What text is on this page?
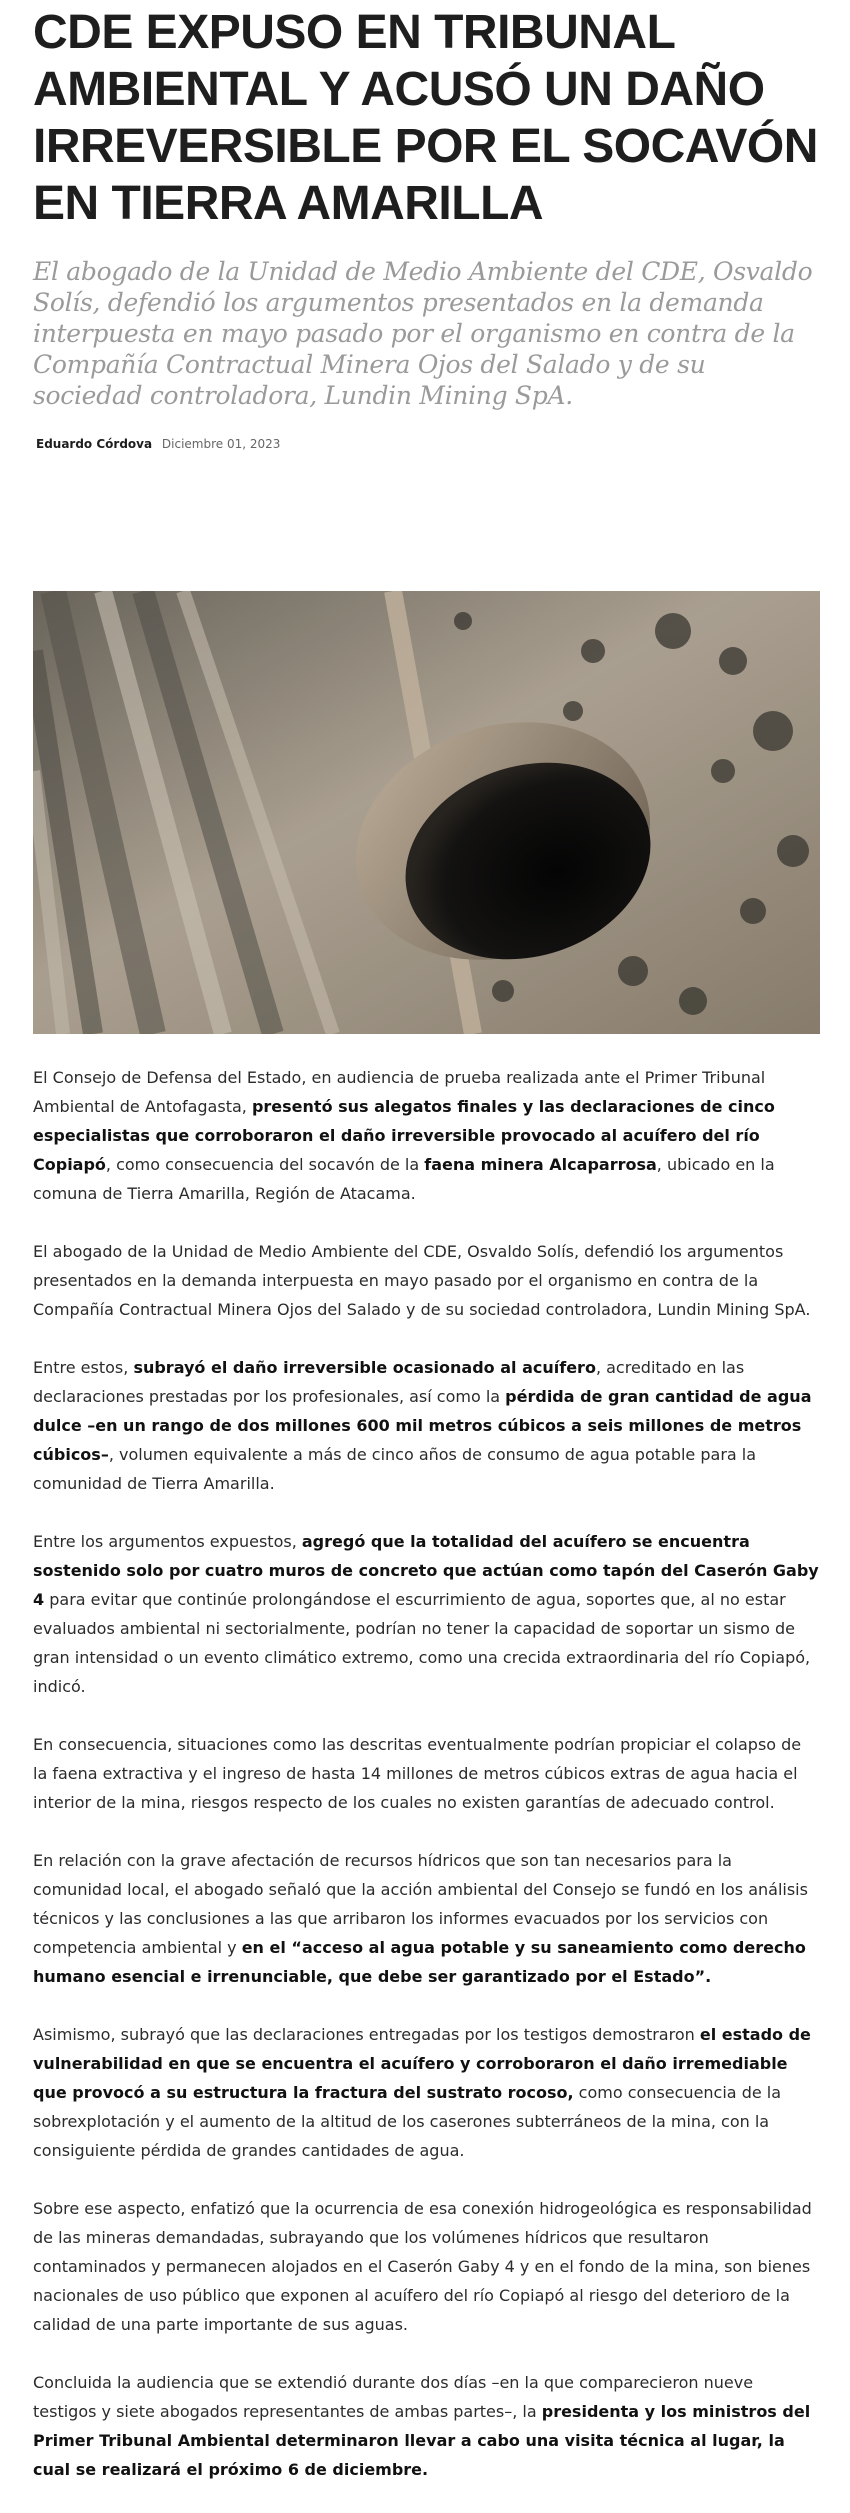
CDE EXPUSO EN TRIBUNAL AMBIENTAL Y ACUSÓ UN DAÑO IRREVERSIBLE POR EL SOCAVÓN EN TIERRA AMARILLA

El abogado de la Unidad de Medio Ambiente del CDE, Osvaldo Solís, defendió los argumentos presentados en la demanda interpuesta en mayo pasado por el organismo en contra de la Compañía Contractual Minera Ojos del Salado y de su sociedad controladora, Lundin Mining SpA.

Eduardo Córdova Diciembre 01, 2023

El Consejo de Defensa del Estado, en audiencia de prueba realizada ante el Primer Tribunal Ambiental de Antofagasta, presentó sus alegatos finales y las declaraciones de cinco especialistas que corroboraron el daño irreversible provocado al acuífero del río Copiapó, como consecuencia del socavón de la faena minera Alcaparrosa, ubicado en la comuna de Tierra Amarilla, Región de Atacama.

El abogado de la Unidad de Medio Ambiente del CDE, Osvaldo Solís, defendió los argumentos presentados en la demanda interpuesta en mayo pasado por el organismo en contra de la Compañía Contractual Minera Ojos del Salado y de su sociedad controladora, Lundin Mining SpA.

Entre estos, subrayó el daño irreversible ocasionado al acuífero, acreditado en las declaraciones prestadas por los profesionales, así como la pérdida de gran cantidad de agua dulce –en un rango de dos millones 600 mil metros cúbicos a seis millones de metros cúbicos–, volumen equivalente a más de cinco años de consumo de agua potable para la comunidad de Tierra Amarilla.

Entre los argumentos expuestos, agregó que la totalidad del acuífero se encuentra sostenido solo por cuatro muros de concreto que actúan como tapón del Caserón Gaby 4 para evitar que continúe prolongándose el escurrimiento de agua, soportes que, al no estar evaluados ambiental ni sectorialmente, podrían no tener la capacidad de soportar un sismo de gran intensidad o un evento climático extremo, como una crecida extraordinaria del río Copiapó, indicó.

En consecuencia, situaciones como las descritas eventualmente podrían propiciar el colapso de la faena extractiva y el ingreso de hasta 14 millones de metros cúbicos extras de agua hacia el interior de la mina, riesgos respecto de los cuales no existen garantías de adecuado control.

En relación con la grave afectación de recursos hídricos que son tan necesarios para la comunidad local, el abogado señaló que la acción ambiental del Consejo se fundó en los análisis técnicos y las conclusiones a las que arribaron los informes evacuados por los servicios con competencia ambiental y en el “acceso al agua potable y su saneamiento como derecho humano esencial e irrenunciable, que debe ser garantizado por el Estado”.

Asimismo, subrayó que las declaraciones entregadas por los testigos demostraron el estado de vulnerabilidad en que se encuentra el acuífero y corroboraron el daño irremediable que provocó a su estructura la fractura del sustrato rocoso, como consecuencia de la sobrexplotación y el aumento de la altitud de los caserones subterráneos de la mina, con la consiguiente pérdida de grandes cantidades de agua.

Sobre ese aspecto, enfatizó que la ocurrencia de esa conexión hidrogeológica es responsabilidad de las mineras demandadas, subrayando que los volúmenes hídricos que resultaron contaminados y permanecen alojados en el Caserón Gaby 4 y en el fondo de la mina, son bienes nacionales de uso público que exponen al acuífero del río Copiapó al riesgo del deterioro de la calidad de una parte importante de sus aguas.

Concluida la audiencia que se extendió durante dos días –en la que comparecieron nueve testigos y siete abogados representantes de ambas partes–, la presidenta y los ministros del Primer Tribunal Ambiental determinaron llevar a cabo una visita técnica al lugar, la cual se realizará el próximo 6 de diciembre.
